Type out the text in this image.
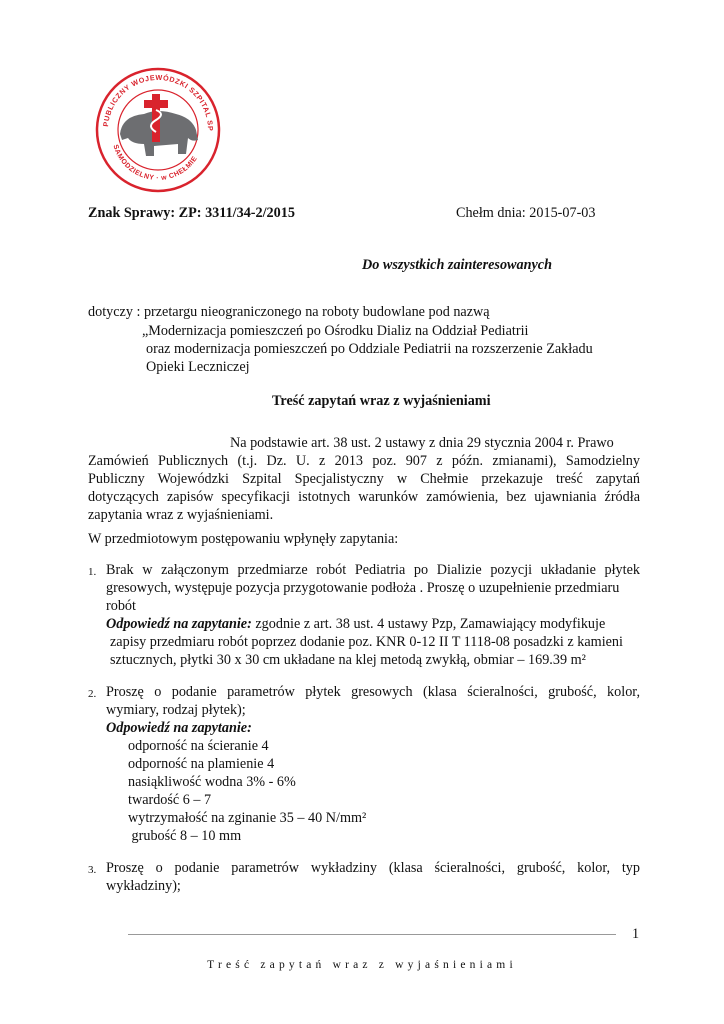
PUBLICZNY WOJEWÓDZKI SZPITAL SP
SAMODZIELNY · w CHEŁMIE
Znak Sprawy: ZP: 3311/34-2/2015	Chełm dnia: 2015-07-03
Do wszystkich zainteresowanych
dotyczy : przetargu nieograniczonego na roboty budowlane pod nazwą
„Modernizacja pomieszczeń po Ośrodku Dializ na Oddział Pediatrii
oraz modernizacja pomieszczeń po Oddziale Pediatrii na rozszerzenie Zakładu
Opieki Leczniczej
Treść zapytań wraz z wyjaśnieniami
Na podstawie art. 38 ust. 2 ustawy z dnia 29 stycznia 2004 r. Prawo
Zamówień Publicznych (t.j. Dz. U. z 2013 poz. 907 z późn. zmianami), Samodzielny
Publiczny Wojewódzki Szpital Specjalistyczny w Chełmie przekazuje treść zapytań
dotyczących zapisów specyfikacji istotnych warunków zamówienia, bez ujawniania źródła
zapytania wraz z wyjaśnieniami.
W przedmiotowym postępowaniu wpłynęły zapytania:
1. Brak w załączonym przedmiarze robót Pediatria po Dializie pozycji układanie płytek
gresowych, występuje pozycja przygotowanie podłoża . Proszę o uzupełnienie przedmiaru
robót
Odpowiedź na zapytanie: zgodnie z art. 38 ust. 4 ustawy Pzp, Zamawiający modyfikuje
zapisy przedmiaru robót poprzez dodanie poz. KNR 0-12 II T 1118-08 posadzki z kamieni
sztucznych, płytki 30 x 30 cm układane na klej metodą zwykłą, obmiar – 169.39 m²
2. Proszę o podanie parametrów płytek gresowych (klasa ścieralności, grubość, kolor,
wymiary, rodzaj płytek);
Odpowiedź na zapytanie:
odporność na ścieranie 4
odporność na plamienie 4
nasiąkliwość wodna 3% - 6%
twardość 6 – 7
wytrzymałość na zginanie 35 – 40 N/mm²
grubość 8 – 10 mm
3. Proszę o podanie parametrów wykładziny (klasa ścieralności, grubość, kolor, typ
wykładziny);
1
Treść zapytań wraz z wyjaśnieniami
